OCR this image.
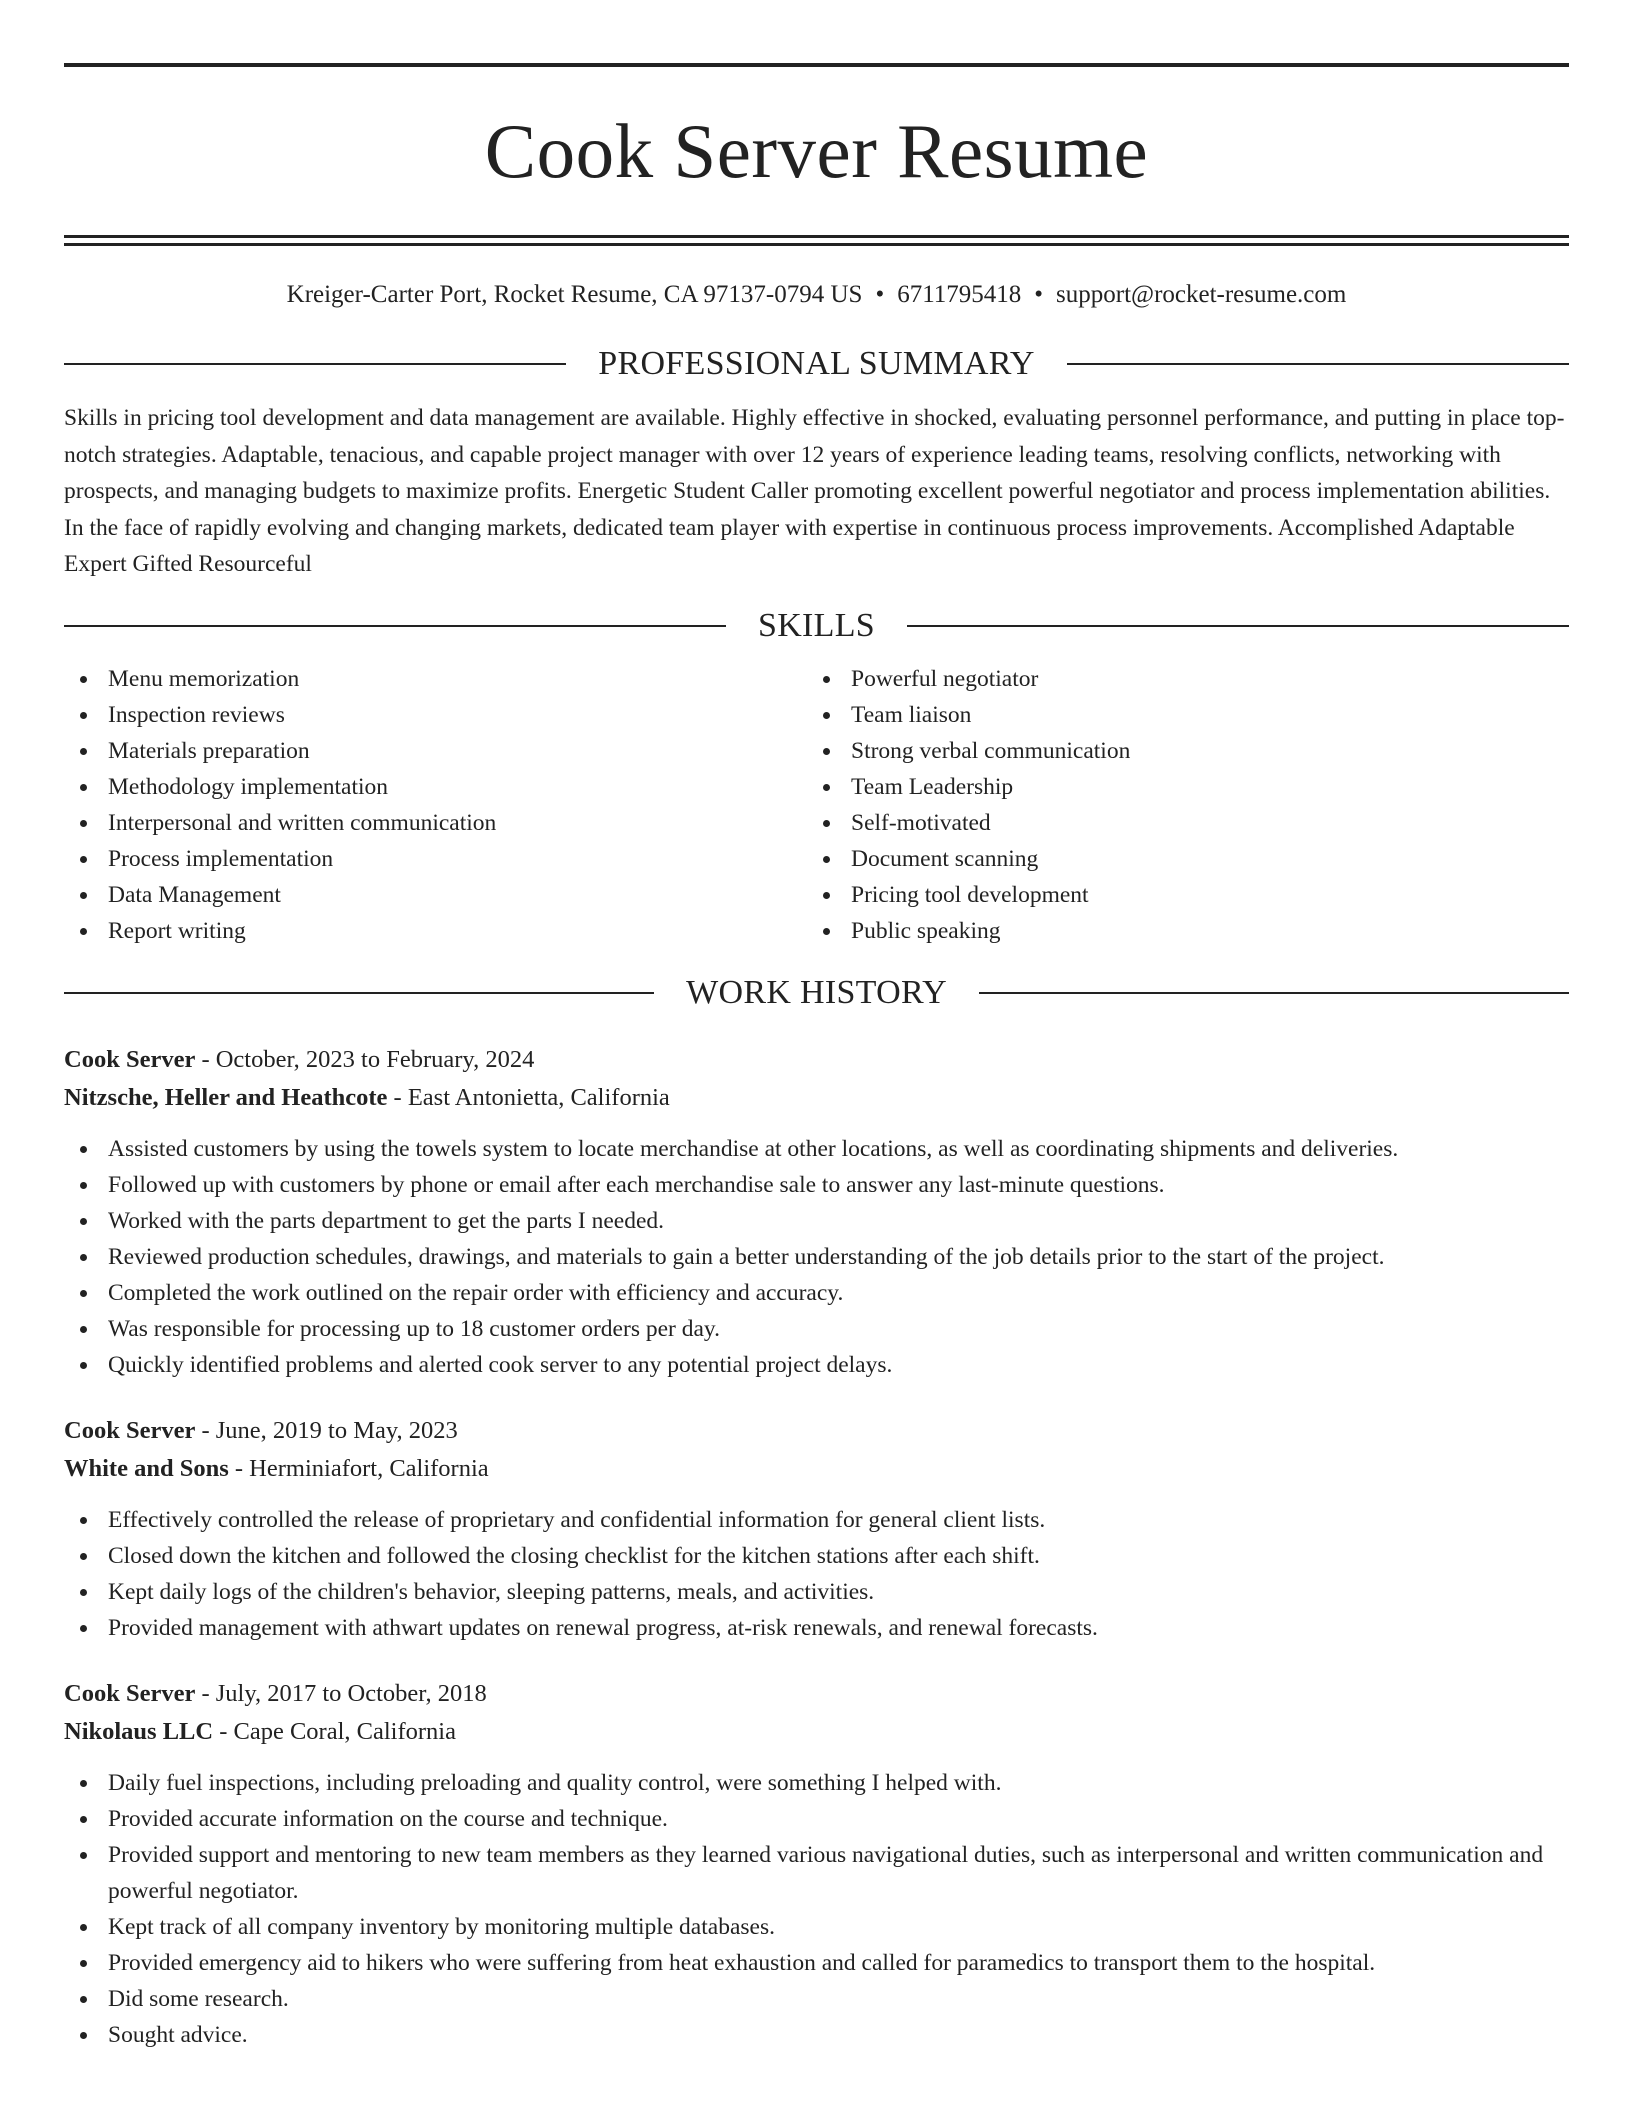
Cook Server Resume
Kreiger-Carter Port, Rocket Resume, CA 97137-0794 US • 6711795418 • support@rocket-resume.com
PROFESSIONAL SUMMARY
Skills in pricing tool development and data management are available. Highly effective in shocked, evaluating personnel performance, and putting in place top-notch strategies. Adaptable, tenacious, and capable project manager with over 12 years of experience leading teams, resolving conflicts, networking with prospects, and managing budgets to maximize profits. Energetic Student Caller promoting excellent powerful negotiator and process implementation abilities. In the face of rapidly evolving and changing markets, dedicated team player with expertise in continuous process improvements. Accomplished Adaptable Expert Gifted Resourceful
SKILLS
Menu memorization
Inspection reviews
Materials preparation
Methodology implementation
Interpersonal and written communication
Process implementation
Data Management
Report writing
Powerful negotiator
Team liaison
Strong verbal communication
Team Leadership
Self-motivated
Document scanning
Pricing tool development
Public speaking
WORK HISTORY
Cook Server - October, 2023 to February, 2024
Nitzsche, Heller and Heathcote - East Antonietta, California
Assisted customers by using the towels system to locate merchandise at other locations, as well as coordinating shipments and deliveries.
Followed up with customers by phone or email after each merchandise sale to answer any last-minute questions.
Worked with the parts department to get the parts I needed.
Reviewed production schedules, drawings, and materials to gain a better understanding of the job details prior to the start of the project.
Completed the work outlined on the repair order with efficiency and accuracy.
Was responsible for processing up to 18 customer orders per day.
Quickly identified problems and alerted cook server to any potential project delays.
Cook Server - June, 2019 to May, 2023
White and Sons - Herminiafort, California
Effectively controlled the release of proprietary and confidential information for general client lists.
Closed down the kitchen and followed the closing checklist for the kitchen stations after each shift.
Kept daily logs of the children's behavior, sleeping patterns, meals, and activities.
Provided management with athwart updates on renewal progress, at-risk renewals, and renewal forecasts.
Cook Server - July, 2017 to October, 2018
Nikolaus LLC - Cape Coral, California
Daily fuel inspections, including preloading and quality control, were something I helped with.
Provided accurate information on the course and technique.
Provided support and mentoring to new team members as they learned various navigational duties, such as interpersonal and written communication and powerful negotiator.
Kept track of all company inventory by monitoring multiple databases.
Provided emergency aid to hikers who were suffering from heat exhaustion and called for paramedics to transport them to the hospital.
Did some research.
Sought advice.
